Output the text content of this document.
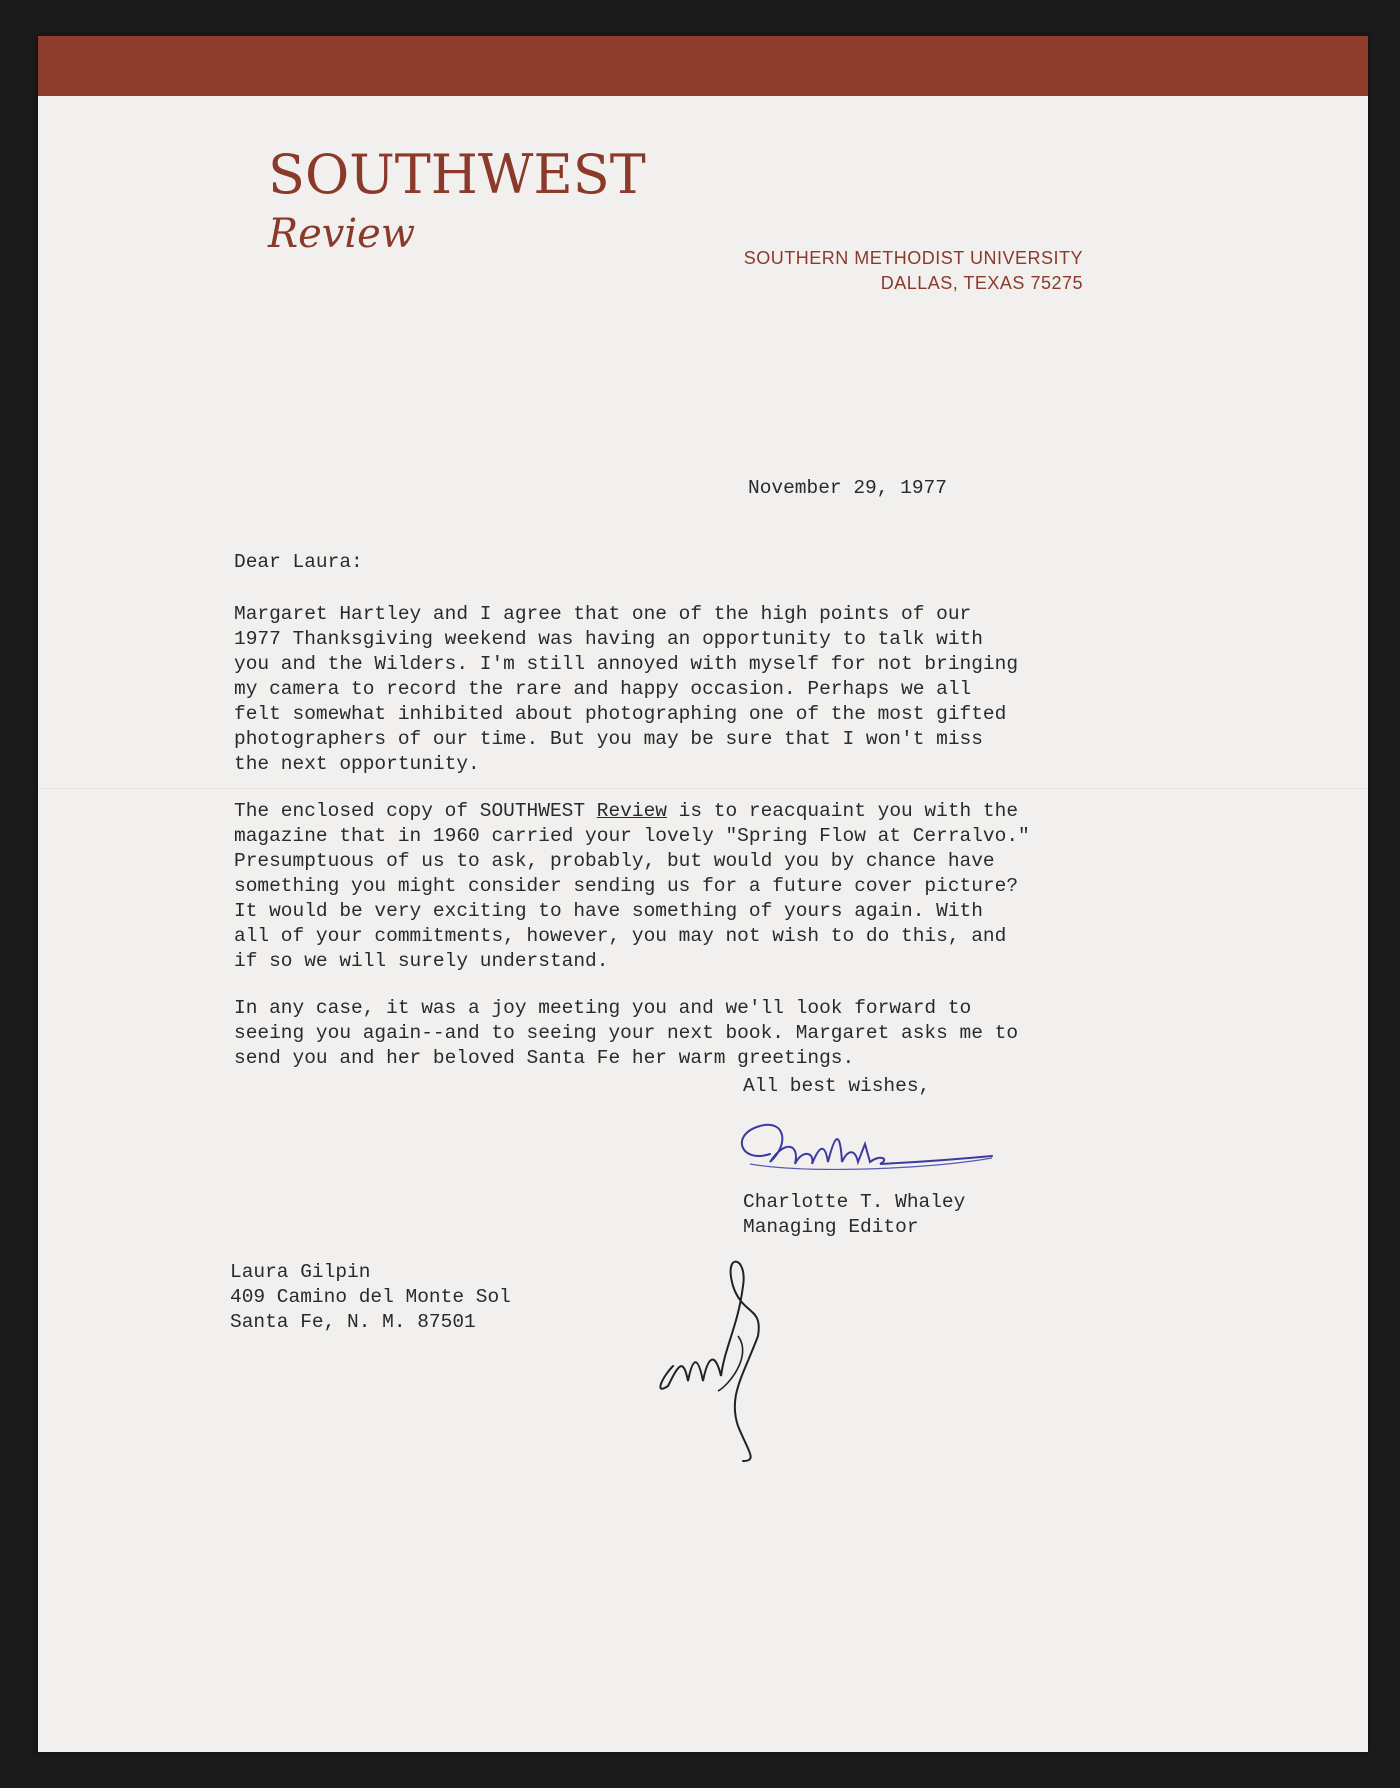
SOUTHWEST
Review
SOUTHERN METHODIST UNIVERSITY
DALLAS, TEXAS 75275
November 29, 1977
Dear Laura:

Margaret Hartley and I agree that one of the high points of our
1977 Thanksgiving weekend was having an opportunity to talk with
you and the Wilders. I'm still annoyed with myself for not bringing
my camera to record the rare and happy occasion. Perhaps we all
felt somewhat inhibited about photographing one of the most gifted
photographers of our time. But you may be sure that I won't miss
the next opportunity.

The enclosed copy of SOUTHWEST Review is to reacquaint you with the
magazine that in 1960 carried your lovely "Spring Flow at Cerralvo."
Presumptuous of us to ask, probably, but would you by chance have
something you might consider sending us for a future cover picture?
It would be very exciting to have something of yours again. With
all of your commitments, however, you may not wish to do this, and
if so we will surely understand.

In any case, it was a joy meeting you and we'll look forward to
seeing you again--and to seeing your next book. Margaret asks me to
send you and her beloved Santa Fe her warm greetings.

All best wishes,
Charlotte T. Whaley
Managing Editor
Laura Gilpin
409 Camino del Monte Sol
Santa Fe, N. M. 87501
